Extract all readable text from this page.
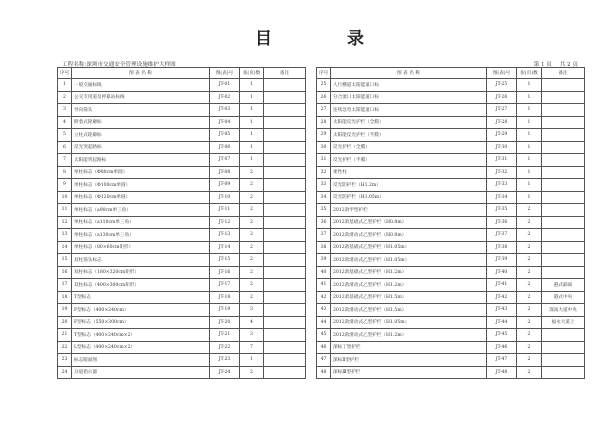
目	录
工程名称:深圳市交通安全管理设施维护大样图	第 1 页 共 2 页
序号	图 表 名 称	图(表)号	张(页)数	备注
1	一般交通标线	JT-01	1	
2	公交专用道及停靠站标线	JT-02	1	
3	导向箭头	JT-03	1	
4	附着式轮廓标	JT-04	1	
5	立柱式轮廓标	JT-05	1	
6	反光突起路标	JT-06	1	
7	太阳能突起路标	JT-07	1	
8	单柱标志（Φ80cm单圆）	JT-08	2	
9	单柱标志（Φ100cm单圆）	JT-09	2	
10	单柱标志（Φ120cm单圆）	JT-10	2	
11	单柱标志（a90cm单三角）	JT-11	2	
12	单柱标志（a110cm单三角）	JT-12	2	
13	单柱标志（a130cm单三角）	JT-13	2	
14	单柱标志（80×60cm矩形）	JT-14	2	
15	双柱箭头标志	JT-15	2	
16	双柱标志（180×320cm矩形）	JT-16	2	
17	双柱标志（400×300cm矩形）	JT-17	2	
18	T型标志	JT-18	2	
19	F型标志（400×240cm）	JT-19	3	
20	F型标志（550×300cm）	JT-20	4	
21	T型标志（400×240cm×2）	JT-21	3	
22	L型标志（400×240cm×2）	JT-22	7	
23	标志版面图	JT-23	1	
24	分道指示器	JT-24	2	
序号	图 表 名 称	图(表)号	张(页)数	备注
25	人行横道太阳能道口标	JT-25	1	
26	分合流口太阳能道口标	JT-26	1	
27	连续急弯太阳能道口标	JT-27	1	
28	太阳能反光护栏（全膜）	JT-28	1	
29	太阳能反光护栏（半膜）	JT-29	1	
30	反光护栏（全膜）	JT-30	1	
31	反光护栏（半膜）	JT-31	1	
32	柔性柱	JT-32	1	
33	反光防护栏（H1.2m）	JT-33	1	
34	反光防护栏（H1.05m）	JT-34	1	
35	2012款甲型护栏	JT-35	2	
36	2012款基础式乙型护栏（H0.8m）	JT-36	2	
37	2012款滑动式乙型护栏（H0.8m）	JT-37	2	
38	2012款基础式乙型护栏（H1.05m）	JT-38	2	
39	2012款滑动式乙型护栏（H1.05m）	JT-39	2	
40	2012款基础式乙型护栏（H1.2m）	JT-40	2	
41	2012款滑动式乙型护栏（H1.2m）	JT-41	2	港式隔离
42	2012款基础式乙型护栏（H1.5m）	JT-42	2	港式中央
43	2012款滑动式乙型护栏（H1.5m）	JT-43	2	深南大道中央
44	2012款滑动式乙型护栏（H1.05m）	JT-44	2	福永大道上
45	2012款滑动式乙型护栏（H1.2m）	JT-45	2	
46	深标丁型护栏	JT-46	2	
47	深标Ⅱ型护栏	JT-47	2	
48	深标Ⅲ型护栏	JT-48	2	
